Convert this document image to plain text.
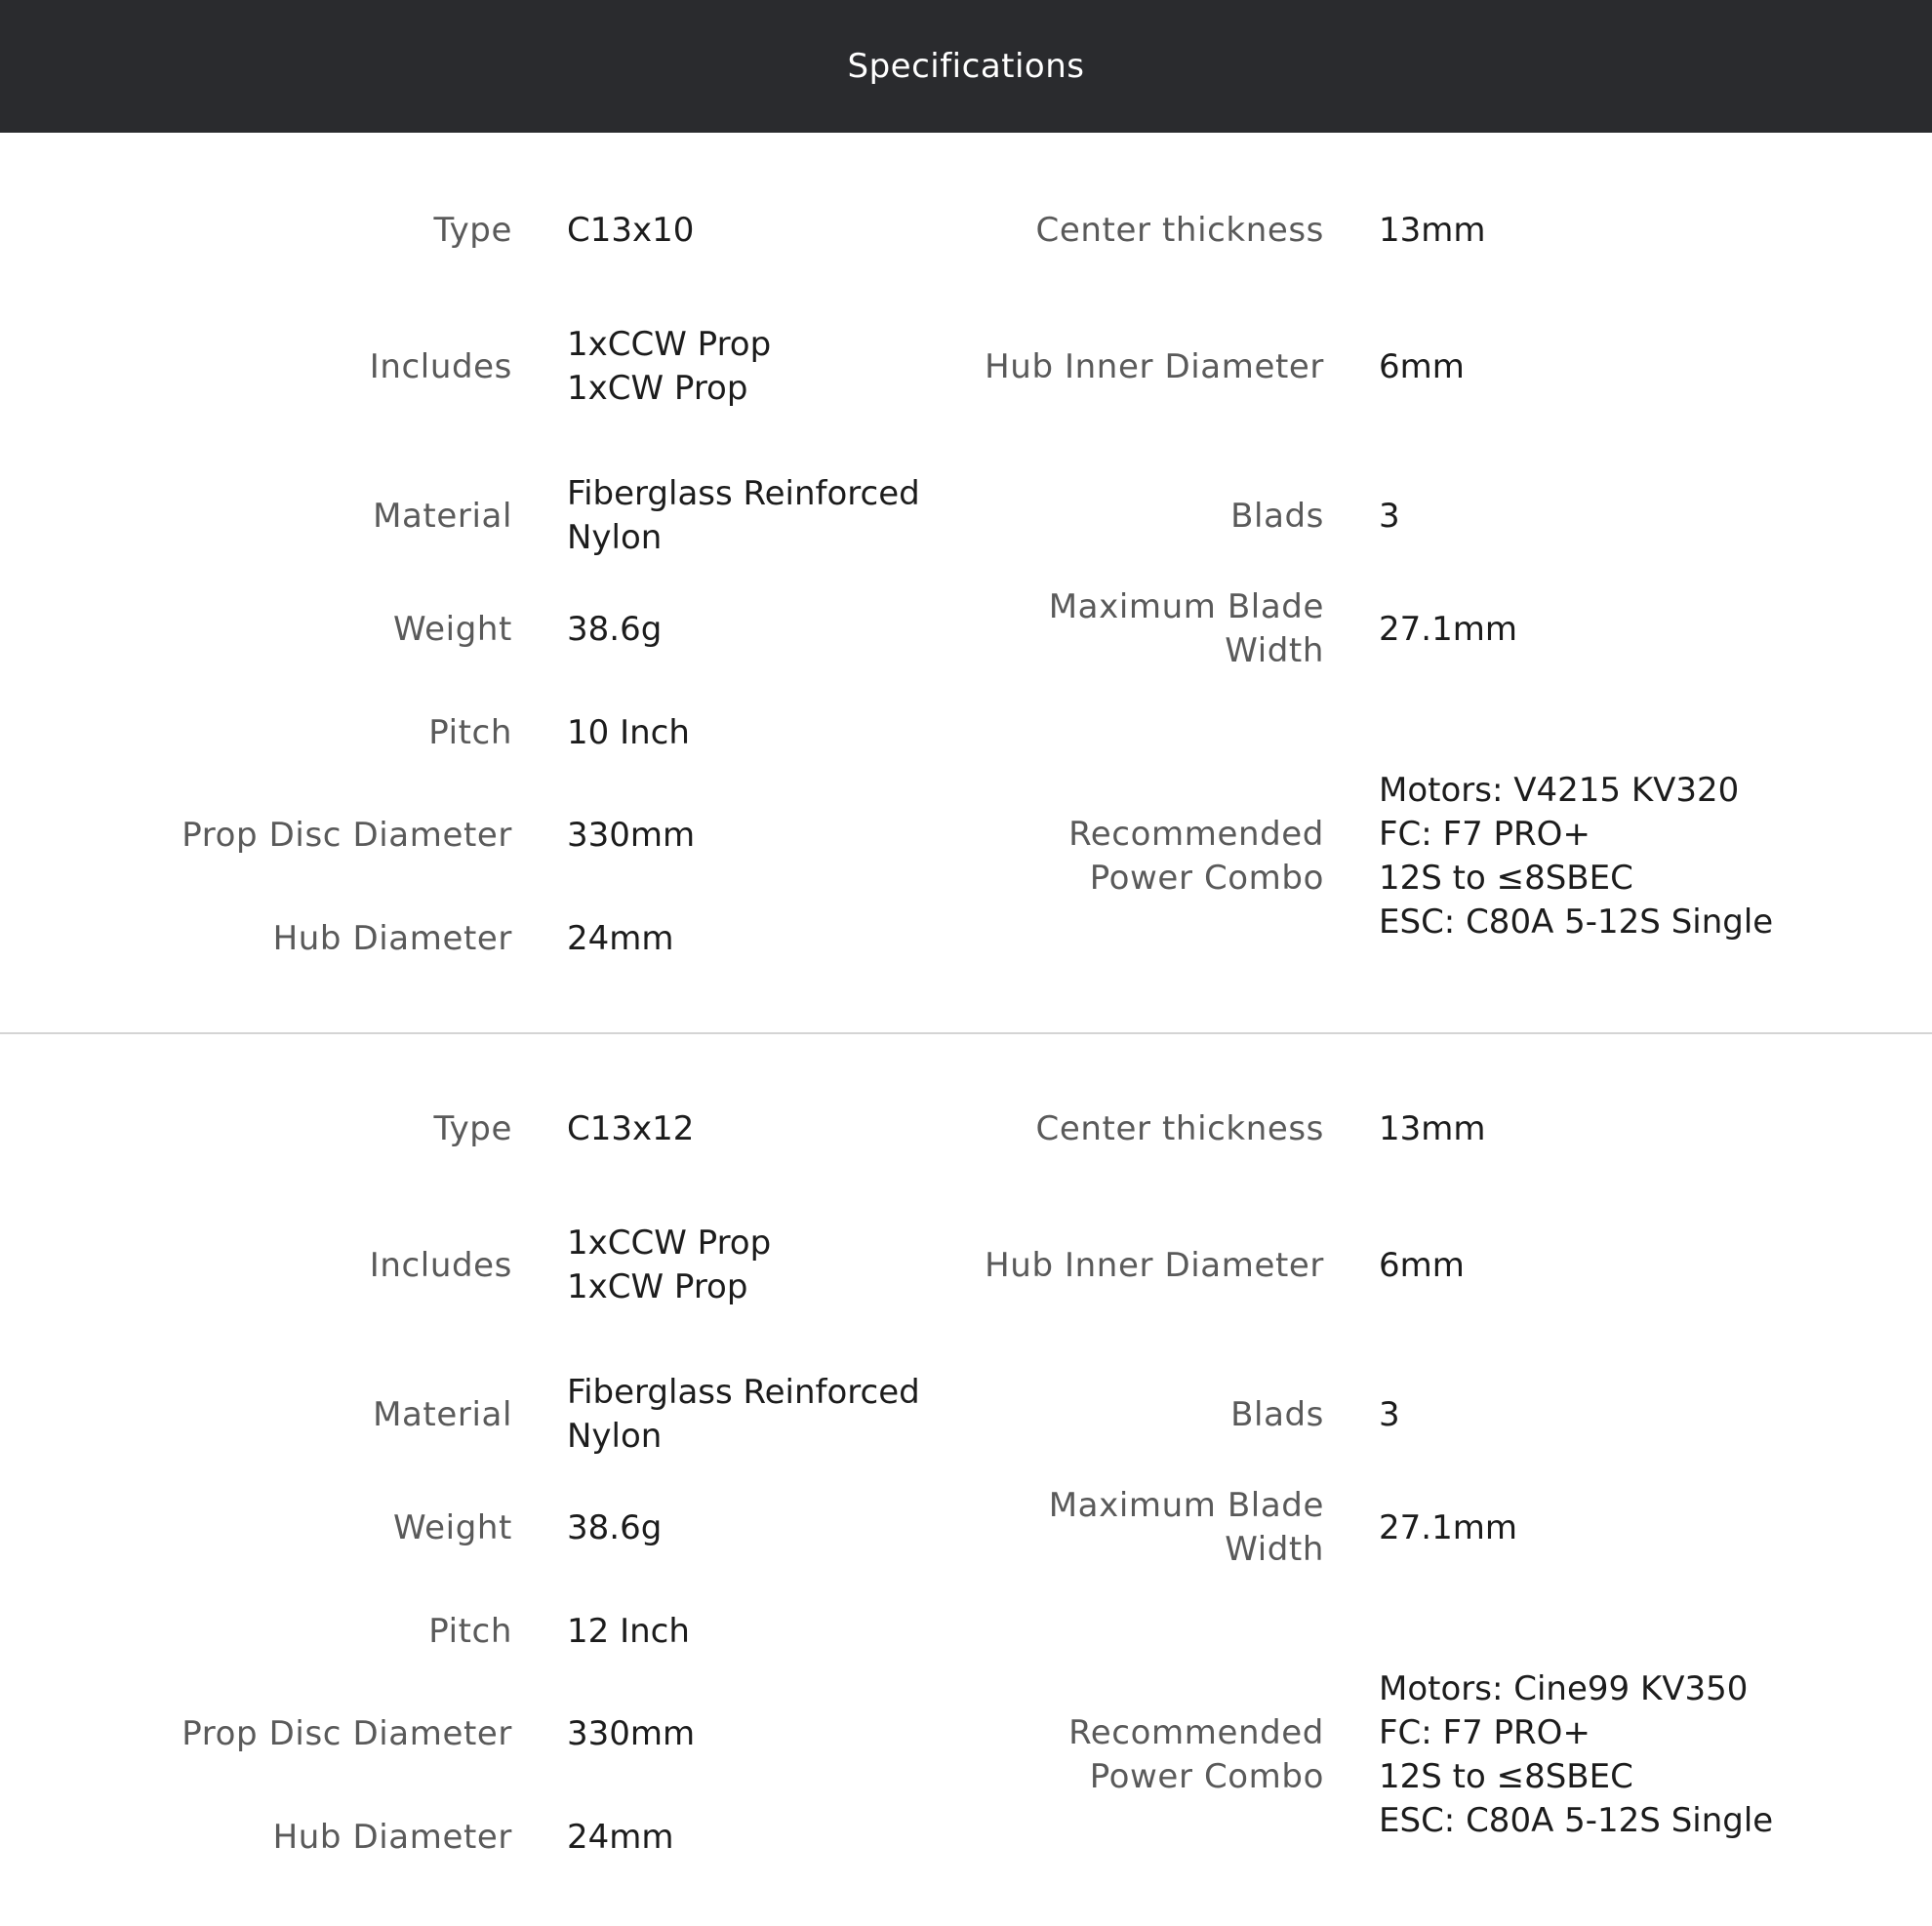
Specifications
Type C13x10
Includes
1xCCW Prop
1xCW Prop
Material
Fiberglass Reinforced
Nylon
Weight 38.6g
Pitch 10 Inch
Prop Disc Diameter 330mm
Hub Diameter 24mm
Center thickness 13mm
Hub Inner Diameter 6mm
Blads 3
Maximum Blade
Width
27.1mm
Recommended
Power Combo
Motors: V4215 KV320
FC: F7 PRO+
12S to ≤8SBEC
ESC: C80A 5-12S Single
Type C13x12
Includes
1xCCW Prop
1xCW Prop
Material
Fiberglass Reinforced
Nylon
Weight 38.6g
Pitch 12 Inch
Prop Disc Diameter 330mm
Hub Diameter 24mm
Center thickness 13mm
Hub Inner Diameter 6mm
Blads 3
Maximum Blade
Width
27.1mm
Recommended
Power Combo
Motors: Cine99 KV350
FC: F7 PRO+
12S to ≤8SBEC
ESC: C80A 5-12S Single
